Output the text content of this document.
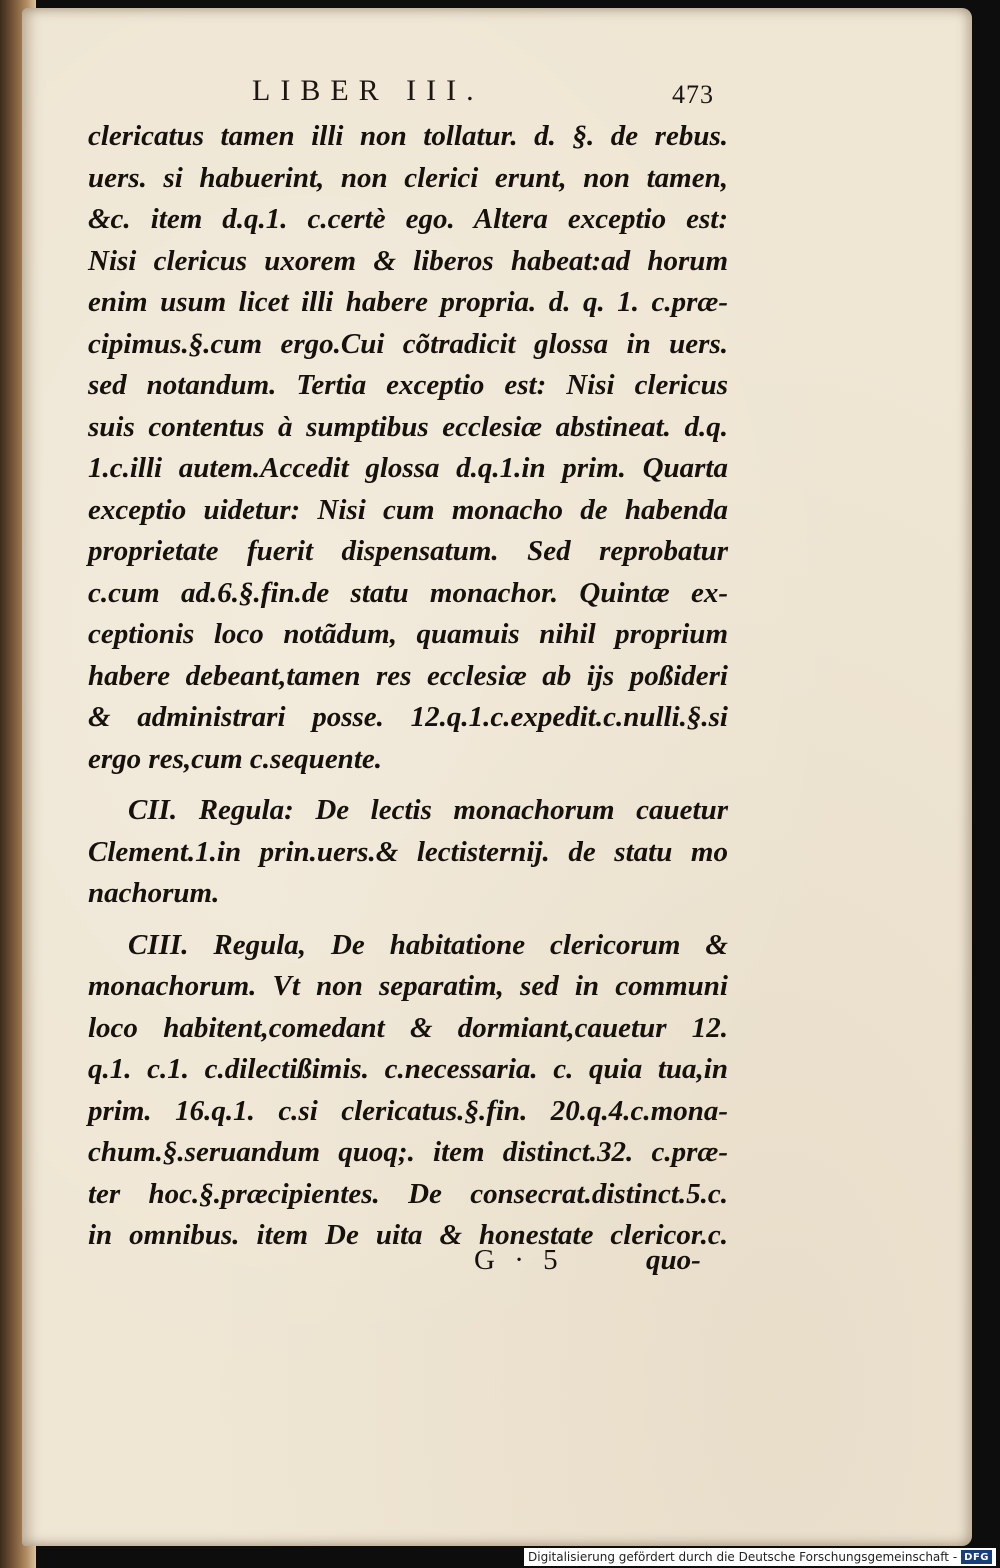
LIBER III.	473
clericatus tamen illi non tollatur. d. §. de rebus.
uers. si habuerint, non clerici erunt, non tamen,
&c. item d.q.1. c.certè ego. Altera exceptio est:
Nisi clericus uxorem & liberos habeat:ad horum
enim usum licet illi habere propria. d. q. 1. c.præ-
cipimus.§.cum ergo.Cui cõtradicit glossa in uers.
sed notandum. Tertia exceptio est: Nisi clericus
suis contentus à sumptibus ecclesiæ abstineat. d.q.
1.c.illi autem.Accedit glossa d.q.1.in prim. Quarta
exceptio uidetur: Nisi cum monacho de habenda
proprietate fuerit dispensatum. Sed reprobatur
c.cum ad.6.§.fin.de statu monachor. Quintæ ex-
ceptionis loco notãdum, quamuis nihil proprium
habere debeant,tamen res ecclesiæ ab ijs poßideri
& administrari posse. 12.q.1.c.expedit.c.nulli.§.si
ergo res,cum c.sequente.
CII. Regula: De lectis monachorum cauetur
Clement.1.in prin.uers.& lectisternij. de statu mo
nachorum.
CIII. Regula, De habitatione clericorum &
monachorum. Vt non separatim, sed in communi
loco habitent,comedant & dormiant,cauetur 12.
q.1. c.1. c.dilectißimis. c.necessaria. c. quia tua,in
prim. 16.q.1. c.si clericatus.§.fin. 20.q.4.c.mona-
chum.§.seruandum quoq;. item distinct.32. c.præ-
ter hoc.§.præcipientes. De consecrat.distinct.5.c.
in omnibus. item De uita & honestate clericor.c.
G · 5	quo-
Digitalisierung gefördert durch die Deutsche Forschungsgemeinschaft - DFG
